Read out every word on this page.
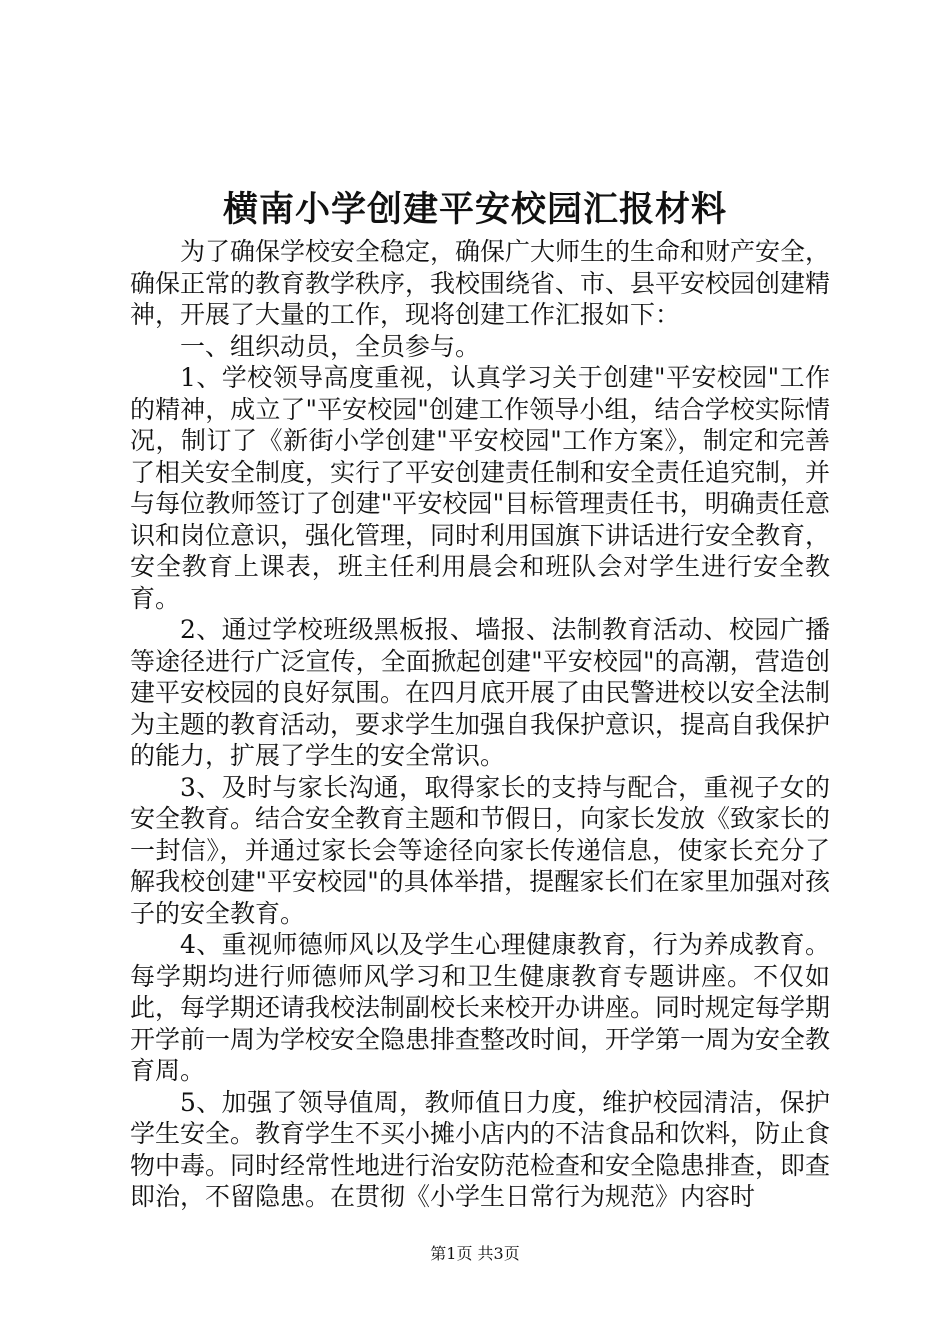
横南小学创建平安校园汇报材料

为了确保学校安全稳定，确保广大师生的生命和财产安全，确保正常的教育教学秩序，我校围绕省、市、县平安校园创建精神，开展了大量的工作，现将创建工作汇报如下：

一、组织动员，全员参与。

1、学校领导高度重视，认真学习关于创建"平安校园"工作的精神，成立了"平安校园"创建工作领导小组，结合学校实际情况，制订了《新街小学创建"平安校园"工作方案》，制定和完善了相关安全制度，实行了平安创建责任制和安全责任追究制，并与每位教师签订了创建"平安校园"目标管理责任书，明确责任意识和岗位意识，强化管理，同时利用国旗下讲话进行安全教育，安全教育上课表，班主任利用晨会和班队会对学生进行安全教育。

2、通过学校班级黑板报、墙报、法制教育活动、校园广播等途径进行广泛宣传，全面掀起创建"平安校园"的高潮，营造创建平安校园的良好氛围。在四月底开展了由民警进校以安全法制为主题的教育活动，要求学生加强自我保护意识，提高自我保护的能力，扩展了学生的安全常识。

3、及时与家长沟通，取得家长的支持与配合，重视子女的安全教育。结合安全教育主题和节假日，向家长发放《致家长的一封信》，并通过家长会等途径向家长传递信息，使家长充分了解我校创建"平安校园"的具体举措，提醒家长们在家里加强对孩子的安全教育。

4、重视师德师风以及学生心理健康教育，行为养成教育。每学期均进行师德师风学习和卫生健康教育专题讲座。不仅如此，每学期还请我校法制副校长来校开办讲座。同时规定每学期开学前一周为学校安全隐患排查整改时间，开学第一周为安全教育周。

5、加强了领导值周，教师值日力度，维护校园清洁，保护学生安全。教育学生不买小摊小店内的不洁食品和饮料，防止食物中毒。同时经常性地进行治安防范检查和安全隐患排查，即查即治，不留隐患。在贯彻《小学生日常行为规范》内容时

第1页 共3页
